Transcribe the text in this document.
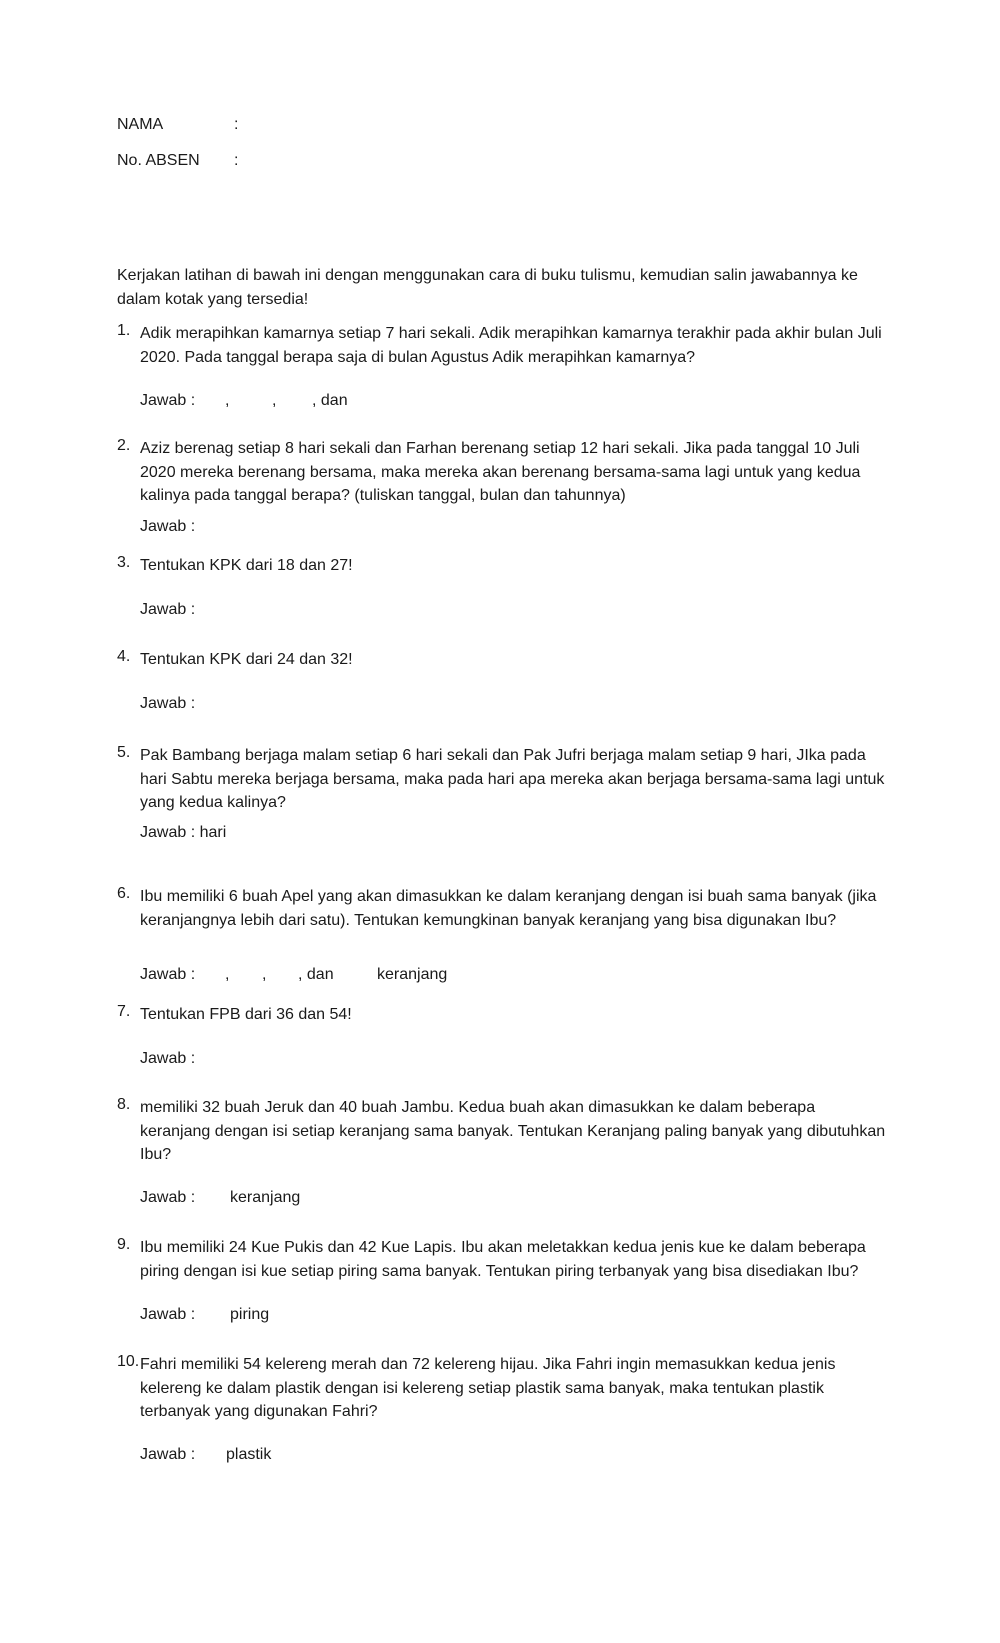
NAMA	:
No. ABSEN :
Kerjakan latihan di bawah ini dengan menggunakan cara di buku tulismu, kemudian salin jawabannya ke dalam kotak yang tersedia!
1. Adik merapihkan kamarnya setiap 7 hari sekali. Adik merapihkan kamarnya terakhir pada akhir bulan Juli 2020. Pada tanggal berapa saja di bulan Agustus Adik merapihkan kamarnya?
Jawab : ,	, , dan
2. Aziz berenag setiap 8 hari sekali dan Farhan berenang setiap 12 hari sekali. Jika pada tanggal 10 Juli 2020 mereka berenang bersama, maka mereka akan berenang bersama-sama lagi untuk yang kedua kalinya pada tanggal berapa? (tuliskan tanggal, bulan dan tahunnya)
Jawab :
3. Tentukan KPK dari 18 dan 27!
Jawab :
4. Tentukan KPK dari 24 dan 32!
Jawab :
5. Pak Bambang berjaga malam setiap 6 hari sekali dan Pak Jufri berjaga malam setiap 9 hari, JIka pada hari Sabtu mereka berjaga bersama, maka pada hari apa mereka akan berjaga bersama-sama lagi untuk yang kedua kalinya?
Jawab : hari
6. Ibu memiliki 6 buah Apel yang akan dimasukkan ke dalam keranjang dengan isi buah sama banyak (jika keranjangnya lebih dari satu). Tentukan kemungkinan banyak keranjang yang bisa digunakan Ibu?
Jawab : , , , dan	keranjang
7. Tentukan FPB dari 36 dan 54!
Jawab :
8. memiliki 32 buah Jeruk dan 40 buah Jambu. Kedua buah akan dimasukkan ke dalam beberapa keranjang dengan isi setiap keranjang sama banyak. Tentukan Keranjang paling banyak yang dibutuhkan Ibu?
Jawab : keranjang
9. Ibu memiliki 24 Kue Pukis dan 42 Kue Lapis. Ibu akan meletakkan kedua jenis kue ke dalam beberapa piring dengan isi kue setiap piring sama banyak. Tentukan piring terbanyak yang bisa disediakan Ibu?
Jawab : piring
10. Fahri memiliki 54 kelereng merah dan 72 kelereng hijau. Jika Fahri ingin memasukkan kedua jenis kelereng ke dalam plastik dengan isi kelereng setiap plastik sama banyak, maka tentukan plastik terbanyak yang digunakan Fahri?
Jawab : plastik
